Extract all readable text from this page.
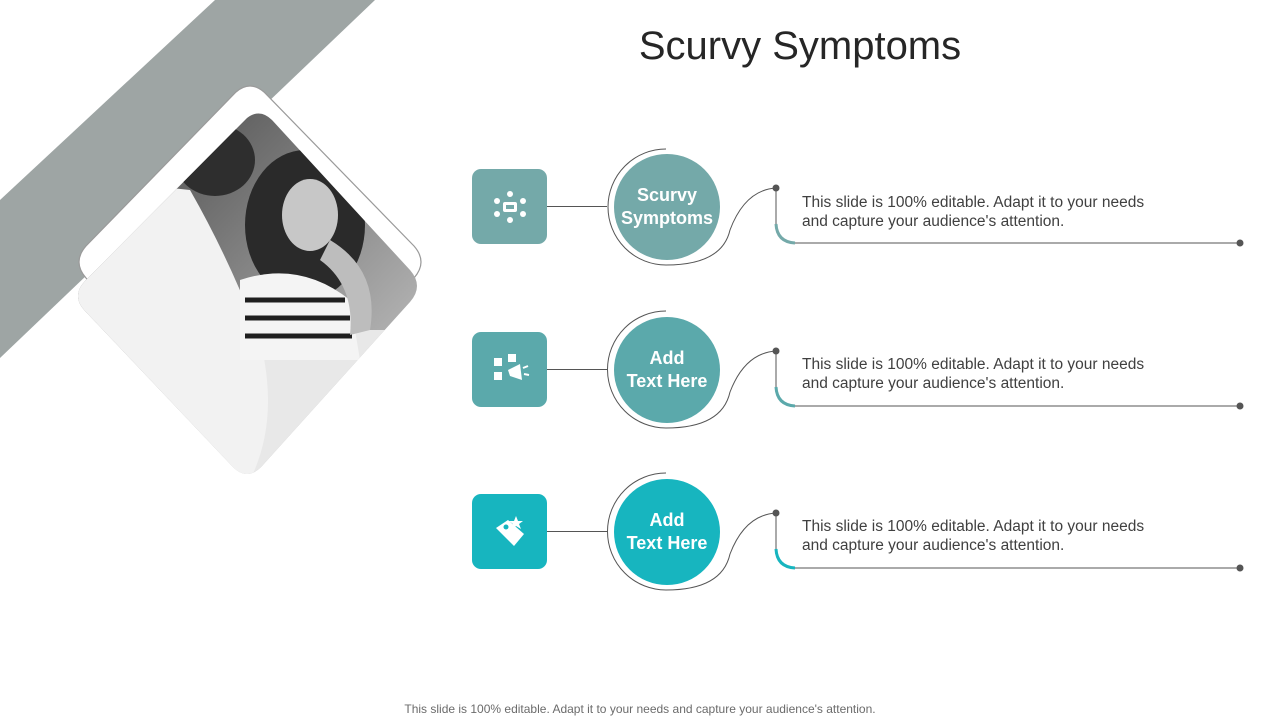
Scurvy Symptoms
Scurvy
Symptoms
This slide is 100% editable. Adapt it to your needs
and capture your audience's attention.
Add
Text Here
This slide is 100% editable. Adapt it to your needs
and capture your audience's attention.
Add
Text Here
This slide is 100% editable. Adapt it to your needs
and capture your audience's attention.
This slide is 100% editable. Adapt it to your needs and capture your audience's attention.
